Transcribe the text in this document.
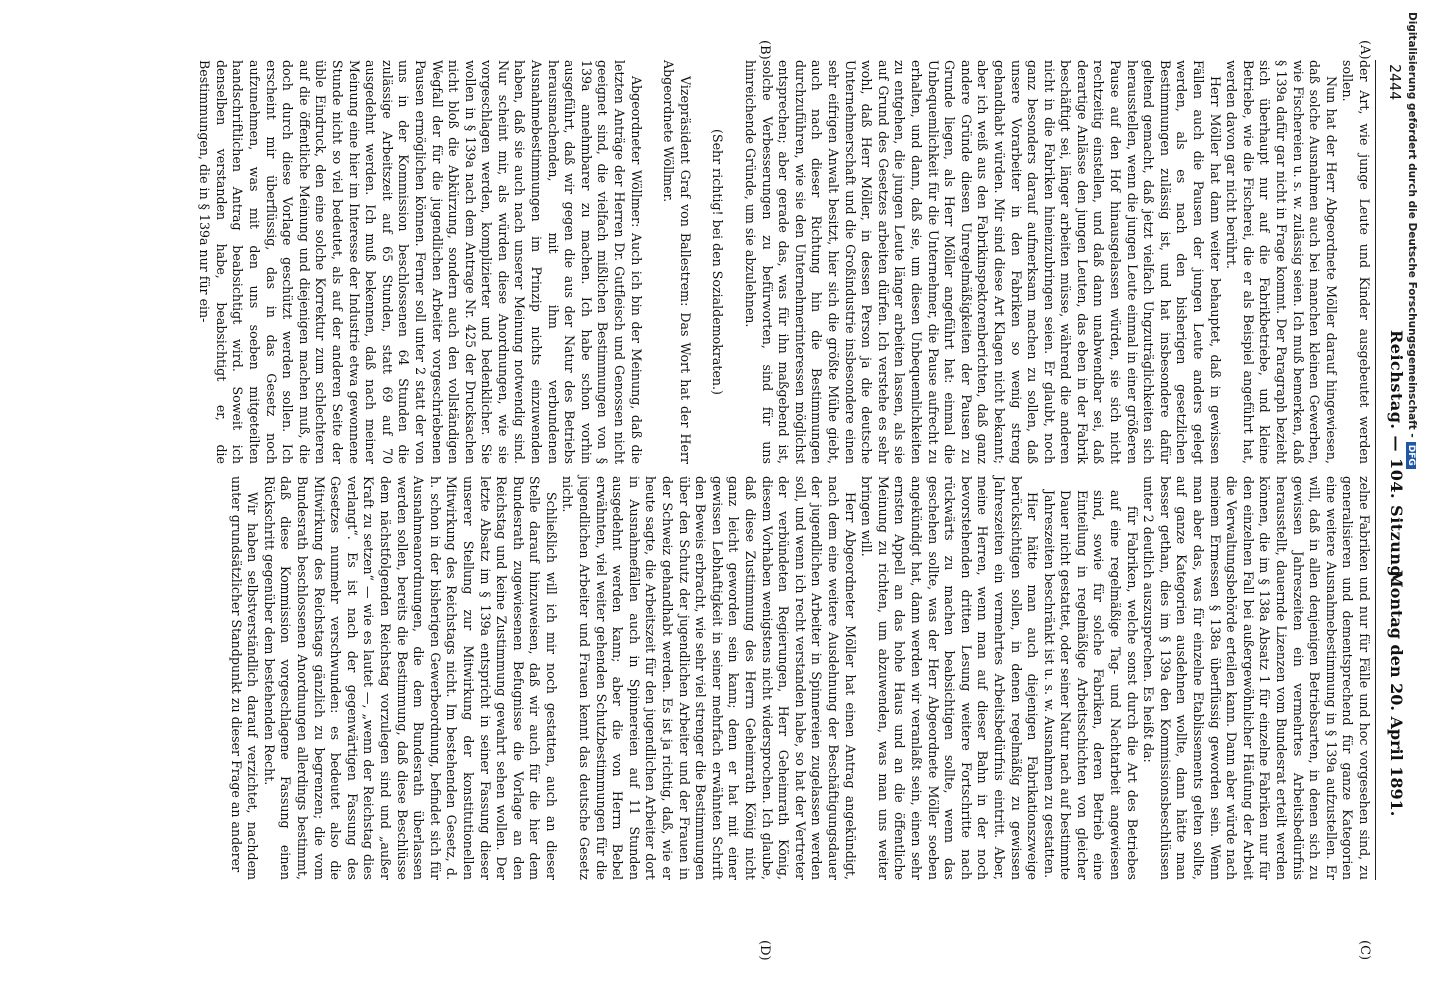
2444
Reichstag. — 104. Sitzung.
Montag den 20. April 1891.
(A)
(B)
(C)
(D)

der Art, wie junge Leute und Kinder ausgebeutet werden sollen.

Nun hat der Herr Abgeordnete Möller darauf hingewiesen, daß solche Ausnahmen auch bei manchen kleinen Gewerben, wie Fischereien u. s. w. zulässig seien. Ich muß bemerken, daß § 139a dafür gar nicht in Frage kommt. Der Paragraph bezieht sich überhaupt nur auf die Fabrikbetriebe, und kleine Betriebe, wie die Fischerei, die er als Beispiel angeführt hat, werden davon gar nicht berührt.

Herr Möller hat dann weiter behauptet, daß in gewissen Fällen auch die Pausen der jungen Leute anders gelegt werden, als es nach den bisherigen gesetzlichen Bestimmungen zulässig ist, und hat insbesondere dafür geltend gemacht, daß jetzt vielfach Ungzuträglichkeiten sich herausstellen, wenn die jungen Leute einmal in einer größeren Pause auf den Hof hinausgelassen würden, sie sich nicht rechtzeitig einstellen, und daß dann unabwendbar sei, daß derartige Anlässe den jungen Leuten, das eben in der Fabrik beschäftigt sei, länger arbeiten müsse, während die anderen nicht in die Fabriken hineinzubringen seien. Er glaubt, noch ganz besonders darauf aufmerksam machen zu sollen, daß unsere Vorarbeiter in den Fabriken so wenig streng gehandhabt würden. Mir sind diese Art Klagen nicht bekannt; aber ich weiß aus den Fabrikinspektorenberichten, daß ganz andere Gründe diesen Unregelmäßigkeiten der Pausen zu Grunde liegen, als Herr Möller angeführt hat: einmal die Unbequemlichkeit für die Unternehmer, die Pause aufrecht zu erhalten, und dann, daß sie, um diesen Unbequemlichkeiten zu entgehen, die jungen Leute länger arbeiten lassen, als sie auf Grund des Gesetzes arbeiten dürfen. Ich verstehe es sehr wohl, daß Herr Möller, in dessen Person ja die deutsche Unternehmerschaft und die Großindustrie insbesondere einen sehr eifrigen Anwalt besitzt, hier sich die größte Mühe giebt, auch nach dieser Richtung hin die Bestimmungen durchzuführen, wie sie den Unternehmerinteressen möglichst entsprechen; aber gerade das, was für ihn maßgebend ist, solche Verbesserungen zu befürworten, sind für uns hinreichende Gründe, um sie abzulehnen.

(Sehr richtig! bei den Sozialdemokraten.)

Vizepräsident Graf von Ballestrem: Das Wort hat der Herr Abgeordnete Wöllmer.

Abgeordneter Wöllmer: Auch ich bin der Meinung, daß die letzten Anträge der Herren Dr. Gutfleisch und Genossen nicht geeignet sind, die vielfach mißlichen Bestimmungen von § 139a annehmbarer zu machen. Ich habe schon vorhin ausgeführt, daß wir gegen die aus der Natur des Betriebs herausmachenden, mit ihm verbundenen Ausnahmebestimmungen im Prinzip nichts einzuwenden haben, daß sie auch nach unserer Meinung notwendig sind. Nur scheint mir, als würden diese Anordnungen, wie sie vorgeschlagen werden, komplizierter und bedenklicher. Sie wollen in § 139a nach dem Antrage Nr. 425 der Drucksachen nicht bloß die Abkürzung, sondern auch den vollständigen Wegfall der für die jugendlichen Arbeiter vorgeschriebenen Pausen ermöglichen können. Ferner soll unter 2 statt der von uns in der Kommission beschlossenen 64 Stunden die zulässige Arbeitszeit auf 65 Stunden, statt 69 auf 70 ausgedehnt werden. Ich muß bekennen, daß nach meiner Meinung eine hier im Interesse der Industrie etwa gewonnene Stunde nicht so viel bedeutet, als auf der anderen Seite der üble Eindruck, den eine solche Korrektur zum schlechteren auf die öffentliche Meinung und diejenigen machen muß, die doch durch diese Vorlage geschützt werden sollen. Ich erscheint mir überflüssig, das in das Gesetz noch aufzunehmen, was mit den uns soeben mitgeteilten handschriftlichen Antrag beabsichtigt wird. Soweit ich denselben verstanden habe, beabsichtigt er, die Bestimmungen, die in § 139a nur für ein-

zelne Fabriken und nur für Fälle und hoc vorgesehen sind, zu generalisieren und dementsprechend für ganze Kategorien eine weitere Ausnahmebestimmung in § 139a aufzustellen. Er will, daß in allen denjenigen Betriebsarten, in denen sich zu gewissen Jahreszeiten ein vermehrtes Arbeitsbedürfnis herausstellt, dauernde Lizenzen vom Bundesrat erteilt werden können, die im § 138a Absatz 1 für einzelne Fabriken nur für den einzelnen Fall bei außergewöhnlicher Häufung der Arbeit die Verwaltungsbehörde erteilen kann. Dann aber würde nach meinem Ermessen § 138a überflüssig geworden sein. Wenn man aber das, was für einzelne Etablissements gelten sollte, auf ganze Kategorien ausdehnen wollte, dann hätte man besser gethan, dies im § 139a den Kommissionsbeschlüssen unter 2 deutlich auszusprechen. Es heißt da:

für Fabriken, welche sonst durch die Art des Betriebes auf eine regelmäßige Tag- und Nachtarbeit angewiesen sind, sowie für solche Fabriken, deren Betrieb eine Einteilung in regelmäßige Arbeitsschichten von gleicher Dauer nicht gestattet, oder seiner Natur nach auf bestimmte Jahreszeiten beschränkt ist u. s. w. Ausnahmen zu gestatten.

Hier hätte man auch diejenigen Fabrikationszweige berücksichtigen sollen, in denen regelmäßig zu gewissen Jahreszeiten ein vermehrtes Arbeitsbedürfnis eintritt. Aber, meine Herren, wenn man auf dieser Bahn in der noch bevorstehenden dritten Lesung weitere Fortschritte nach rückwärts zu machen beabsichtigen sollte, wenn das geschehen sollte, was der Herr Abgeordnete Möller soeben angekündigt hat, dann werden wir veranlaßt sein, einen sehr ernsten Appell an das hohe Haus und an die öffentliche Meinung zu richten, um abzuwenden, was man uns weiter bringen will.

Herr Abgeordneter Möller hat einen Antrag angekündigt, nach dem eine weitere Ausdehnung der Beschäftigungsdauer der jugendlichen Arbeiter in Spinnereien zugelassen werden soll, und wenn ich recht verstanden habe, so hat der Vertreter der verbündeten Regierungen, Herr Geheimrath König, diesem Vorhaben wenigstens nicht widersprochen. Ich glaube, daß diese Zustimmung des Herrn Geheimrath König nicht ganz leicht geworden sein kann; denn er hat mit einer gewissen Lebhaftigkeit in seiner mehrfach erwähnten Schrift den Beweis erbracht, wie sehr viel strenger die Bestimmungen über den Schutz der jugendlichen Arbeiter und der Frauen in der Schweiz gehandhabt werden. Es ist ja richtig, daß, wie er heute sagte, die Arbeitszeit für den jugendlichen Arbeiter dort in Ausnahmefällen auch in Spinnereien auf 11 Stunden ausgedehnt werden kann; aber die von Herrn Bebel erwähnten, viel weiter gehenden Schutzbestimmungen für die jugendlichen Arbeiter und Frauen kennt das deutsche Gesetz nicht.

Schließlich will ich mir noch gestatten, auch an dieser Stelle darauf hinzuweisen, daß wir auch für die hier dem Bundesrath zugewiesenen Befugnisse die Vorlage an den Reichstag und keine Zustimmung gewahrt sehen wollen. Der letzte Absatz im § 139a entspricht in seiner Fassung dieser unserer Stellung zur Mitwirkung der konstitutionellen Mitwirkung des Reichstags nicht. Im bestehenden Gesetz, d. h. schon in der bisherigen Gewerbeordnung, befindet sich für Ausnahmeanordnungen, die dem Bundesrath überlassen werden sollen, bereits die Bestimmung, daß diese Beschlüsse dem nächstfolgenden Reichstag vorzulegen sind und „außer Kraft zu setzen“ — wie es lautet —, „wenn der Reichstag dies verlangt“. Es ist nach der gegenwärtigen Fassung des Gesetzes nunmehr verschwunden: es bedeutet also die Mitwirkung des Reichstags gänzlich zu begrenzen; die vom Bundesrath beschlossenen Anordnungen allerdings bestimmt, daß diese Kommission vorgeschlagene Fassung einen Rückschritt gegenüber dem bestehenden Recht.

Wir haben selbstverständlich darauf verzichtet, nachdem unter grundsätzlicher Standpunkt zu dieser Frage an anderer

Digitalisierung gefördert durch die Deutsche Forschungsgemeinschaft -DFG
